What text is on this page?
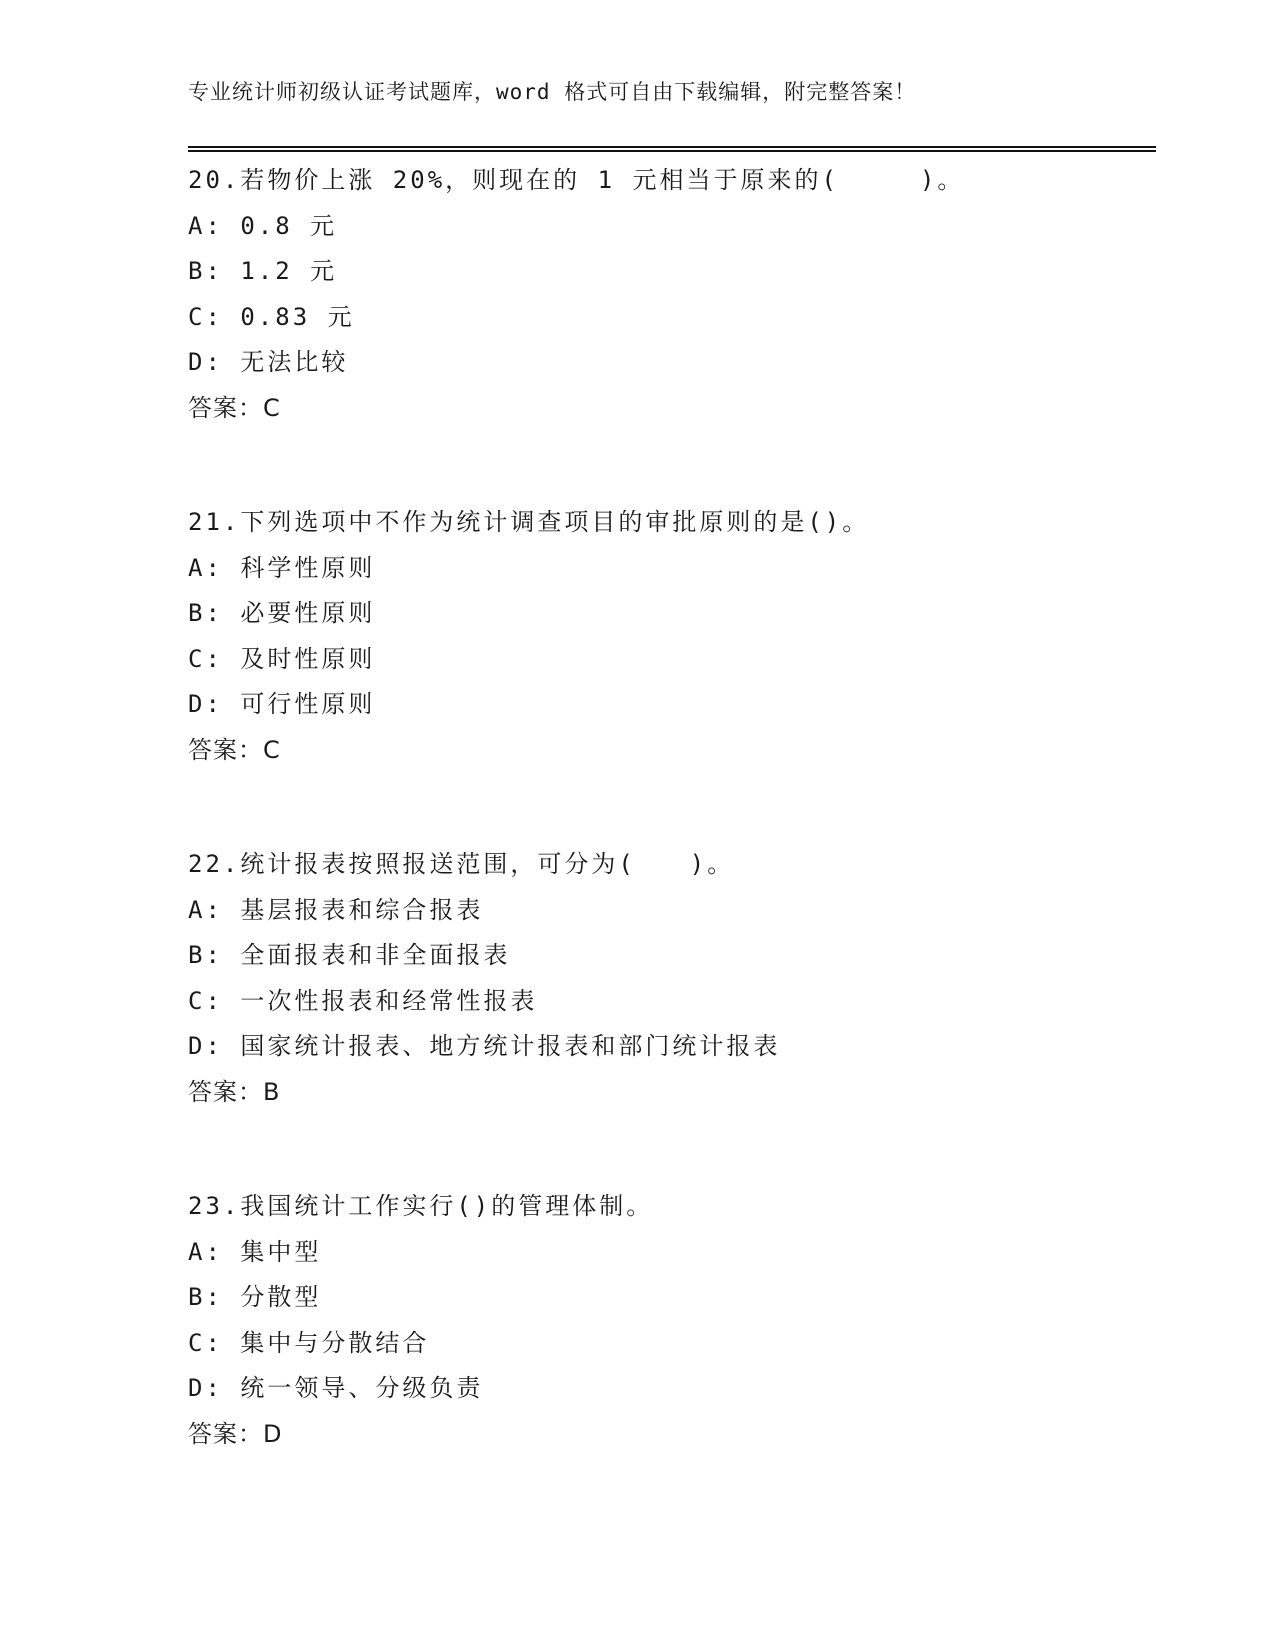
专业统计师初级认证考试题库，word 格式可自由下载编辑，附完整答案！
20.若物价上涨 20%，则现在的 1 元相当于原来的(　　　)。
A: 0.8 元
B: 1.2 元
C: 0.83 元
D: 无法比较
答案：C
21.下列选项中不作为统计调查项目的审批原则的是()。
A: 科学性原则
B: 必要性原则
C: 及时性原则
D: 可行性原则
答案：C
22.统计报表按照报送范围，可分为(　　)。
A: 基层报表和综合报表
B: 全面报表和非全面报表
C: 一次性报表和经常性报表
D: 国家统计报表、地方统计报表和部门统计报表
答案：B
23.我国统计工作实行()的管理体制。
A: 集中型
B: 分散型
C: 集中与分散结合
D: 统一领导、分级负责
答案：D
